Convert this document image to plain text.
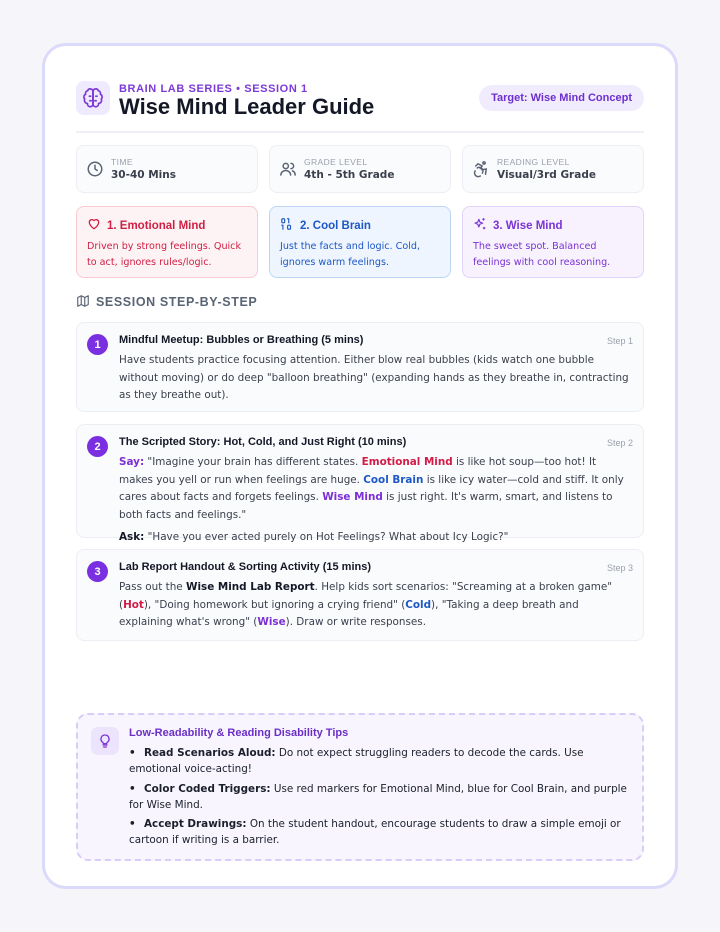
BRAIN LAB SERIES • SESSION 1
Wise Mind Leader Guide	Target: Wise Mind Concept
TIME
30-40 Mins
GRADE LEVEL
4th - 5th Grade
READING LEVEL
Visual/3rd Grade
1. Emotional Mind
Driven by strong feelings. Quick to act, ignores rules/logic.
2. Cool Brain
Just the facts and logic. Cold, ignores warm feelings.
3. Wise Mind
The sweet spot. Balanced feelings with cool reasoning.
SESSION STEP-BY-STEP
1	Mindful Meetup: Bubbles or Breathing (5 mins)	Step 1
Have students practice focusing attention. Either blow real bubbles (kids watch one bubble without moving) or do deep "balloon breathing" (expanding hands as they breathe in, contracting as they breathe out).
2	The Scripted Story: Hot, Cold, and Just Right (10 mins)	Step 2
Say: "Imagine your brain has different states. Emotional Mind is like hot soup—too hot! It makes you yell or run when feelings are huge. Cool Brain is like icy water—cold and stiff. It only cares about facts and forgets feelings. Wise Mind is just right. It's warm, smart, and listens to both facts and feelings."
Ask: "Have you ever acted purely on Hot Feelings? What about Icy Logic?"
3	Lab Report Handout & Sorting Activity (15 mins)	Step 3
Pass out the Wise Mind Lab Report. Help kids sort scenarios: "Screaming at a broken game" (Hot), "Doing homework but ignoring a crying friend" (Cold), "Taking a deep breath and explaining what's wrong" (Wise). Draw or write responses.
Low-Readability & Reading Disability Tips
• Read Scenarios Aloud: Do not expect struggling readers to decode the cards. Use emotional voice-acting!
• Color Coded Triggers: Use red markers for Emotional Mind, blue for Cool Brain, and purple for Wise Mind.
• Accept Drawings: On the student handout, encourage students to draw a simple emoji or cartoon if writing is a barrier.
